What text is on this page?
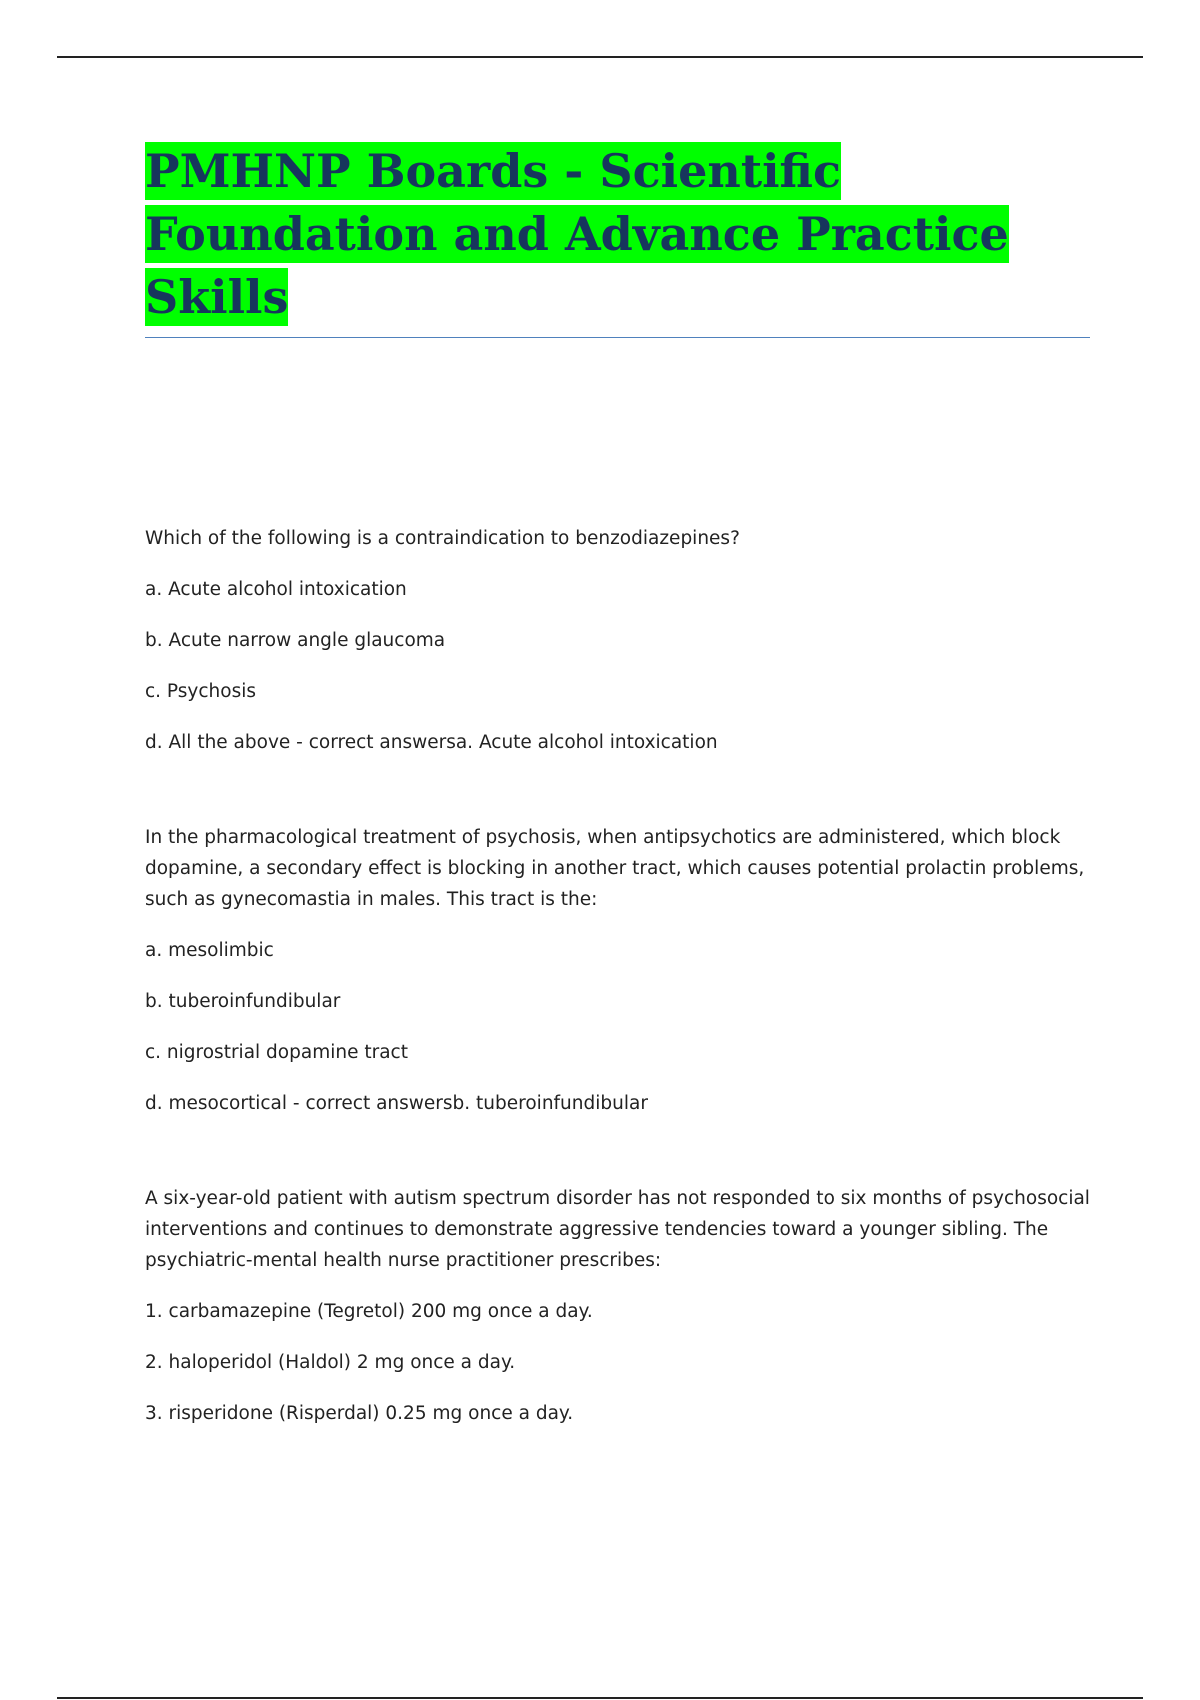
PMHNP Boards - Scientific Foundation and Advance Practice Skills

Which of the following is a contraindication to benzodiazepines?

a. Acute alcohol intoxication

b. Acute narrow angle glaucoma

c. Psychosis

d. All the above - correct answersa. Acute alcohol intoxication

In the pharmacological treatment of psychosis, when antipsychotics are administered, which block dopamine, a secondary effect is blocking in another tract, which causes potential prolactin problems, such as gynecomastia in males. This tract is the:

a. mesolimbic

b. tuberoinfundibular

c. nigrostrial dopamine tract

d. mesocortical - correct answersb. tuberoinfundibular

A six-year-old patient with autism spectrum disorder has not responded to six months of psychosocial interventions and continues to demonstrate aggressive tendencies toward a younger sibling. The psychiatric-mental health nurse practitioner prescribes:

1. carbamazepine (Tegretol) 200 mg once a day.

2. haloperidol (Haldol) 2 mg once a day.

3. risperidone (Risperdal) 0.25 mg once a day.
